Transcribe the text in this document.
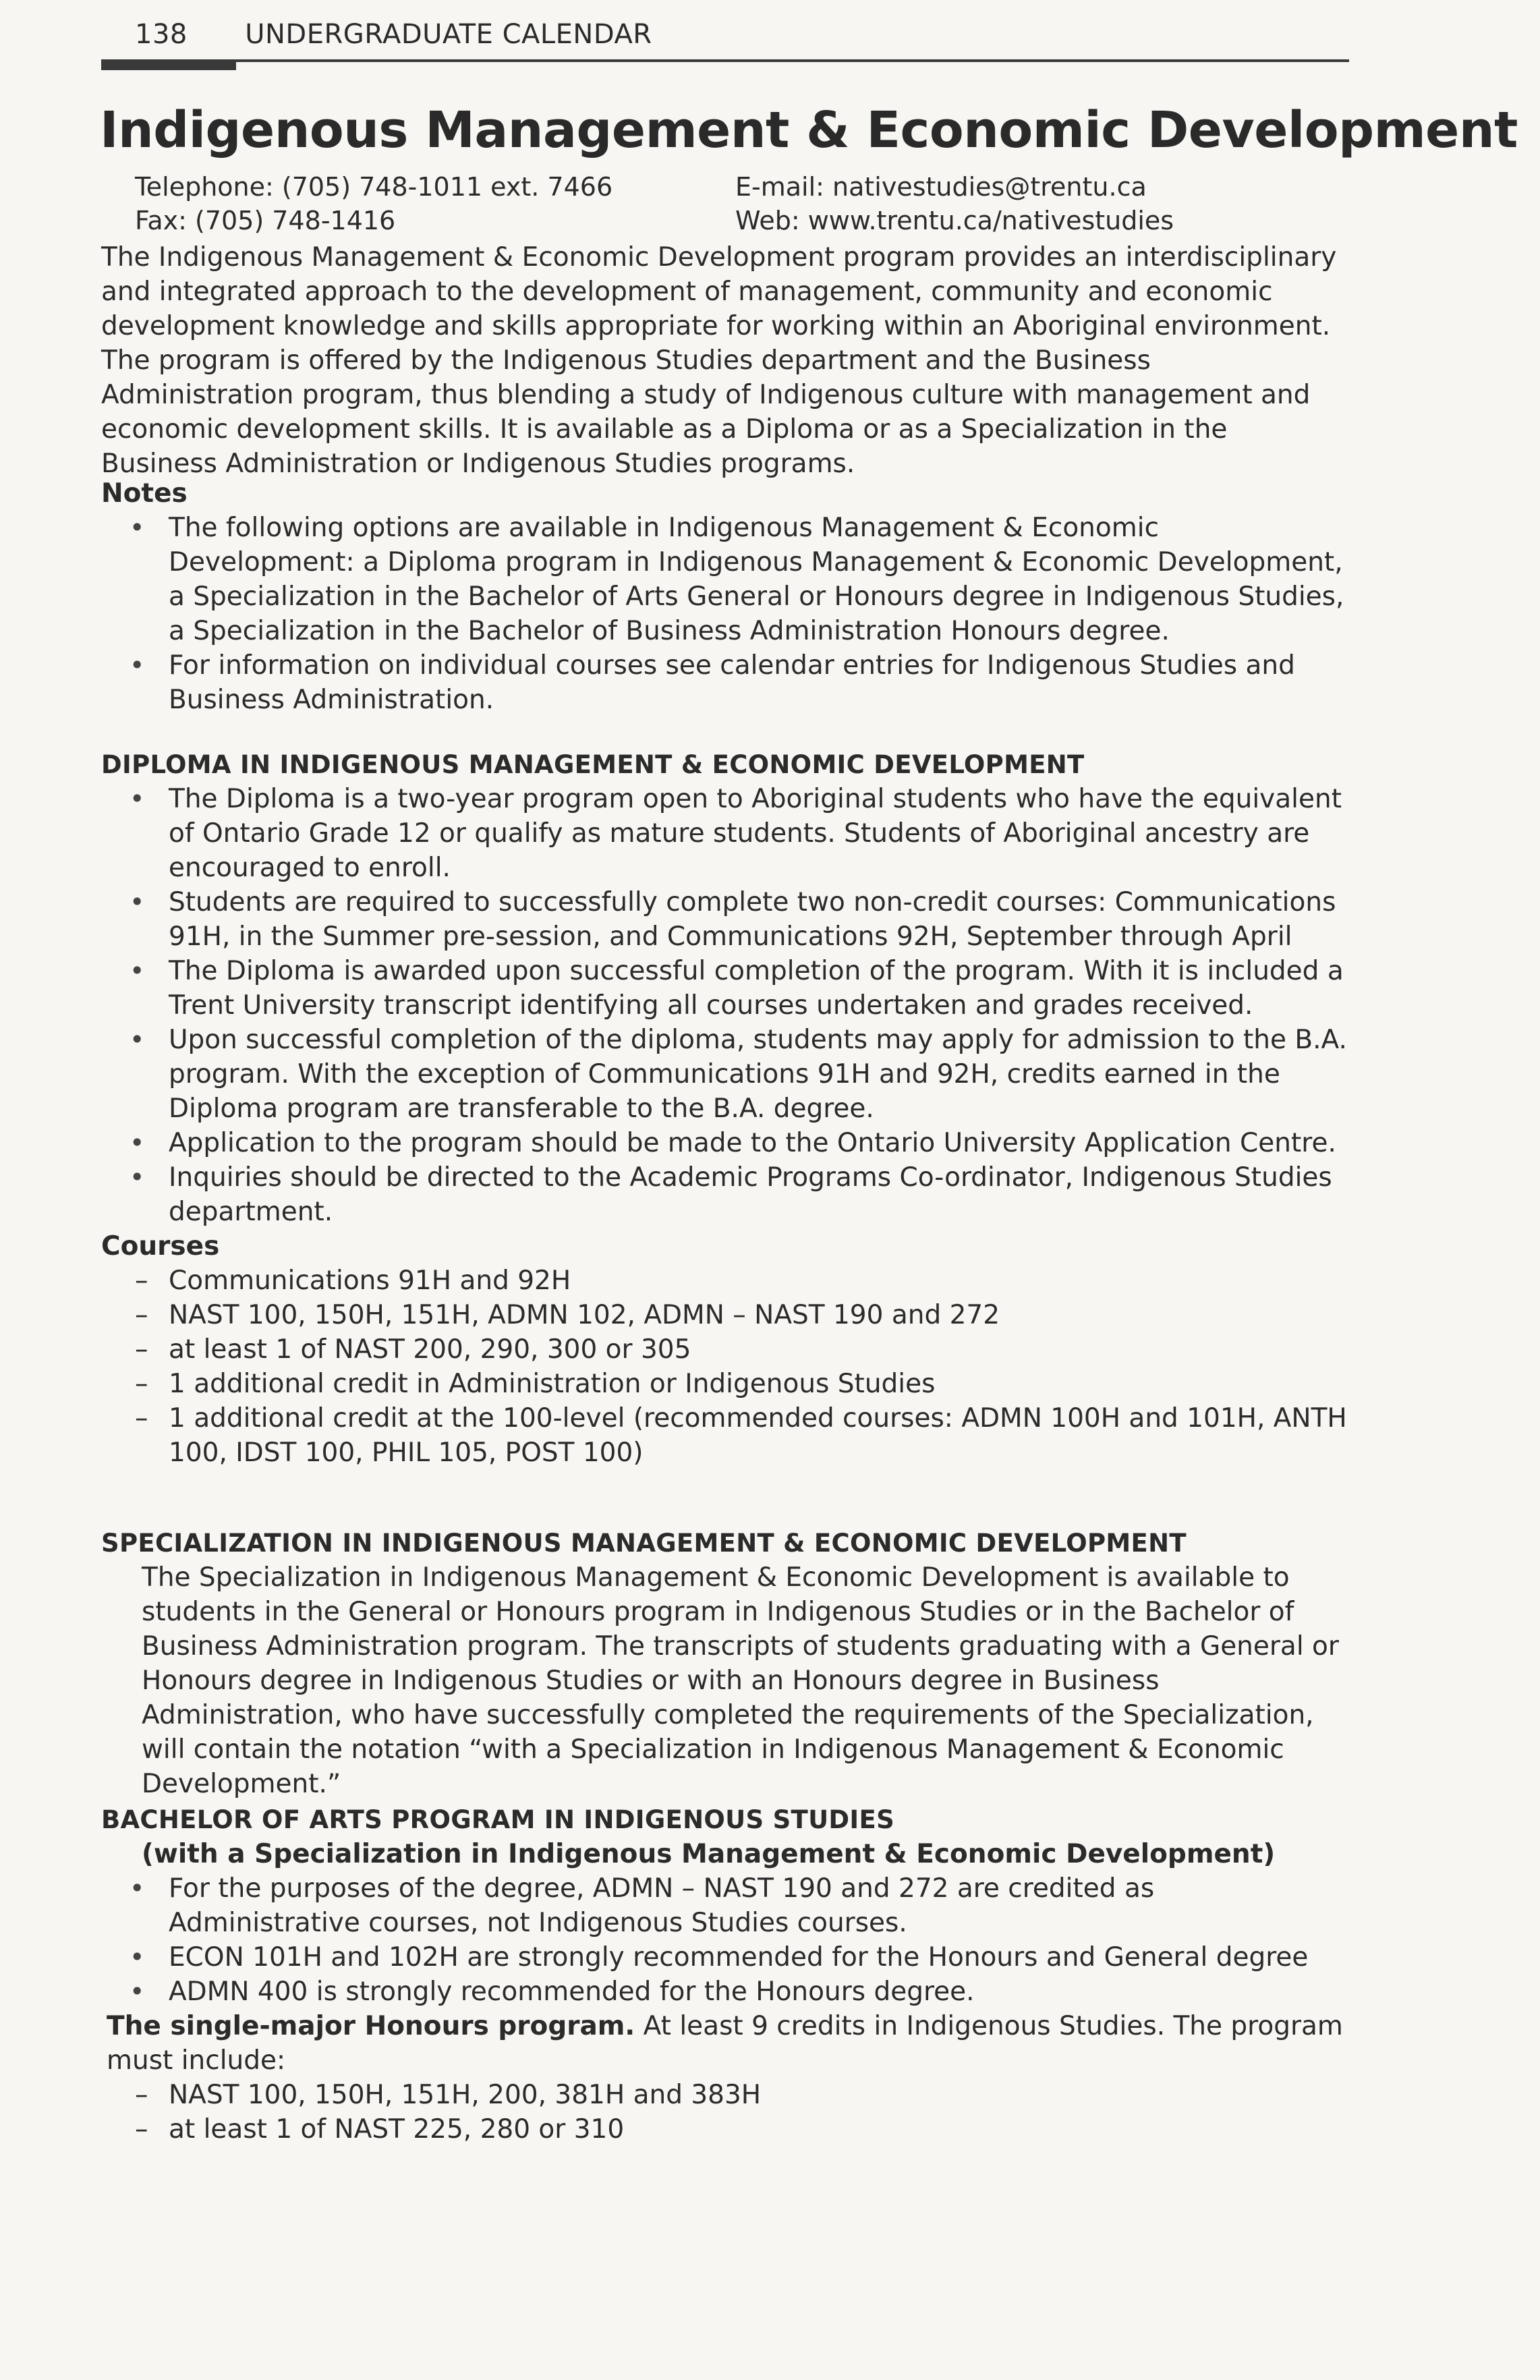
138 UNDERGRADUATE CALENDAR
Indigenous Management & Economic Development
Telephone: (705) 748-1011 ext. 7466	E-mail: nativestudies@trentu.ca
Fax: (705) 748-1416	Web: www.trentu.ca/nativestudies
The Indigenous Management & Economic Development program provides an interdisciplinary and integrated approach to the development of management, community and economic development knowledge and skills appropriate for working within an Aboriginal environment. The program is offered by the Indigenous Studies department and the Business Administration program, thus blending a study of Indigenous culture with management and economic development skills. It is available as a Diploma or as a Specialization in the Business Administration or Indigenous Studies programs.
Notes
• The following options are available in Indigenous Management & Economic Development: a Diploma program in Indigenous Management & Economic Development, a Specialization in the Bachelor of Arts General or Honours degree in Indigenous Studies, a Specialization in the Bachelor of Business Administration Honours degree.
• For information on individual courses see calendar entries for Indigenous Studies and Business Administration.
DIPLOMA IN INDIGENOUS MANAGEMENT & ECONOMIC DEVELOPMENT
• The Diploma is a two-year program open to Aboriginal students who have the equivalent of Ontario Grade 12 or qualify as mature students. Students of Aboriginal ancestry are encouraged to enroll.
• Students are required to successfully complete two non-credit courses: Communications 91H, in the Summer pre-session, and Communications 92H, September through April
• The Diploma is awarded upon successful completion of the program. With it is included a Trent University transcript identifying all courses undertaken and grades received.
• Upon successful completion of the diploma, students may apply for admission to the B.A. program. With the exception of Communications 91H and 92H, credits earned in the Diploma program are transferable to the B.A. degree.
• Application to the program should be made to the Ontario University Application Centre.
• Inquiries should be directed to the Academic Programs Co-ordinator, Indigenous Studies department.
Courses
– Communications 91H and 92H
– NAST 100, 150H, 151H, ADMN 102, ADMN – NAST 190 and 272
– at least 1 of NAST 200, 290, 300 or 305
– 1 additional credit in Administration or Indigenous Studies
– 1 additional credit at the 100-level (recommended courses: ADMN 100H and 101H, ANTH 100, IDST 100, PHIL 105, POST 100)
SPECIALIZATION IN INDIGENOUS MANAGEMENT & ECONOMIC DEVELOPMENT
The Specialization in Indigenous Management & Economic Development is available to students in the General or Honours program in Indigenous Studies or in the Bachelor of Business Administration program. The transcripts of students graduating with a General or Honours degree in Indigenous Studies or with an Honours degree in Business Administration, who have successfully completed the requirements of the Specialization, will contain the notation “with a Specialization in Indigenous Management & Economic Development.”
BACHELOR OF ARTS PROGRAM IN INDIGENOUS STUDIES
(with a Specialization in Indigenous Management & Economic Development)
• For the purposes of the degree, ADMN – NAST 190 and 272 are credited as Administrative courses, not Indigenous Studies courses.
• ECON 101H and 102H are strongly recommended for the Honours and General degree
• ADMN 400 is strongly recommended for the Honours degree.
The single-major Honours program. At least 9 credits in Indigenous Studies. The program must include:
– NAST 100, 150H, 151H, 200, 381H and 383H
– at least 1 of NAST 225, 280 or 310
